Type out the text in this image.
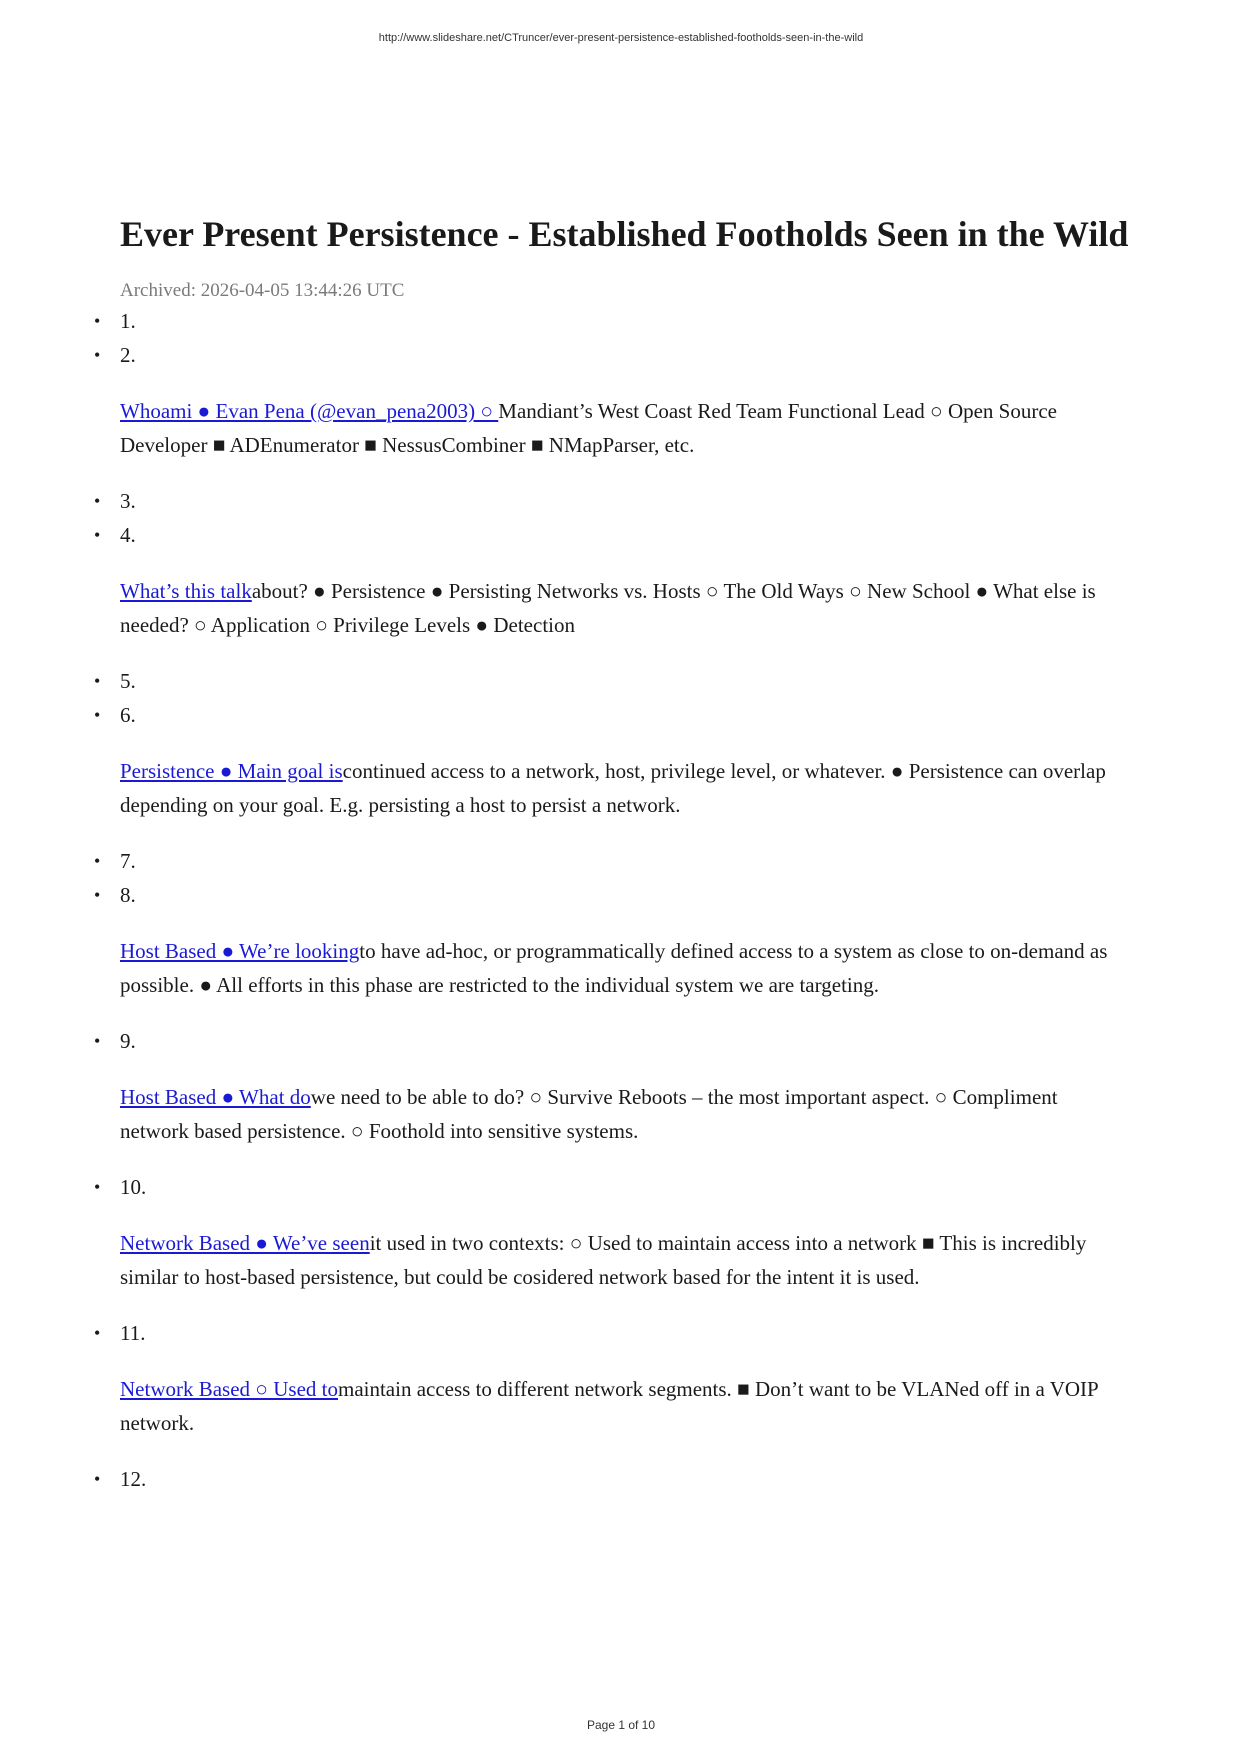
http://www.slideshare.net/CTruncer/ever-present-persistence-established-footholds-seen-in-the-wild
Ever Present Persistence - Established Footholds Seen in the Wild
Archived: 2026-04-05 13:44:26 UTC
• 1.
• 2.

Whoami ● Evan Pena (@evan_pena2003) ○ Mandiant’s West Coast Red Team Functional Lead ○ Open Source Developer ■ ADEnumerator ■ NessusCombiner ■ NMapParser, etc.

• 3.
• 4.

What’s this talkabout? ● Persistence ● Persisting Networks vs. Hosts ○ The Old Ways ○ New School ● What else is needed? ○ Application ○ Privilege Levels ● Detection

• 5.
• 6.

Persistence ● Main goal iscontinued access to a network, host, privilege level, or whatever. ● Persistence can overlap depending on your goal. E.g. persisting a host to persist a network.

• 7.
• 8.

Host Based ● We’re lookingto have ad-hoc, or programmatically defined access to a system as close to on-demand as possible. ● All efforts in this phase are restricted to the individual system we are targeting.

• 9.

Host Based ● What dowe need to be able to do? ○ Survive Reboots – the most important aspect. ○ Compliment network based persistence. ○ Foothold into sensitive systems.

• 10.

Network Based ● We’ve seenit used in two contexts: ○ Used to maintain access into a network ■ This is incredibly similar to host-based persistence, but could be cosidered network based for the intent it is used.

• 11.

Network Based ○ Used tomaintain access to different network segments. ■ Don’t want to be VLANed off in a VOIP network.

• 12.
Page 1 of 10
